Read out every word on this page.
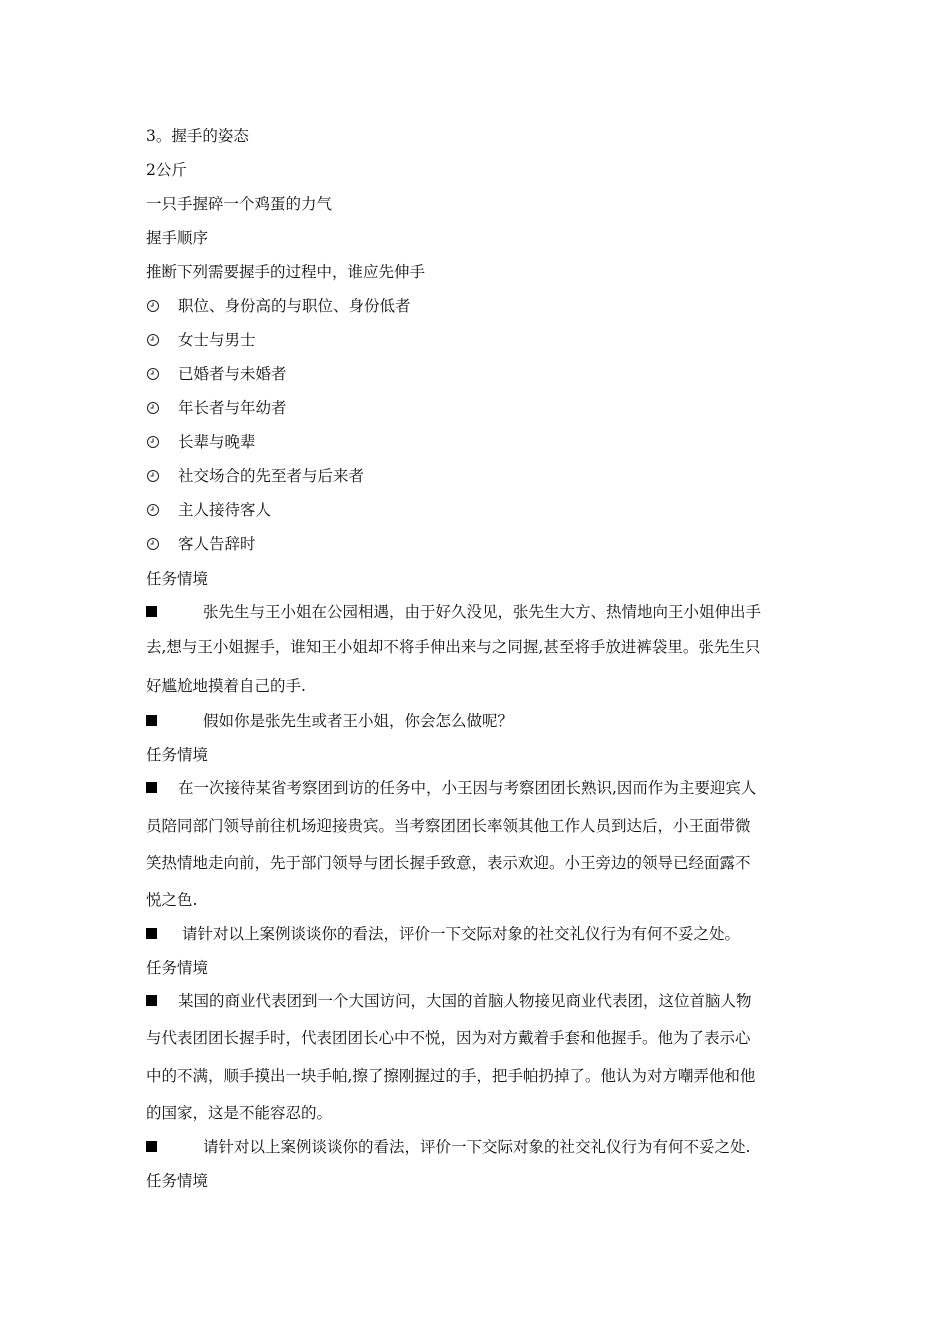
3。握手的姿态
2公斤
一只手握碎一个鸡蛋的力气
握手顺序
推断下列需要握手的过程中，谁应先伸手
职位、身份高的与职位、身份低者
女士与男士
已婚者与未婚者
年长者与年幼者
长辈与晚辈
社交场合的先至者与后来者
主人接待客人
客人告辞时
任务情境
张先生与王小姐在公园相遇，由于好久没见，张先生大方、热情地向王小姐伸出手
去,想与王小姐握手，谁知王小姐却不将手伸出来与之同握,甚至将手放进裤袋里。张先生只
好尴尬地摸着自己的手.
假如你是张先生或者王小姐，你会怎么做呢？
任务情境
在一次接待某省考察团到访的任务中，小王因与考察团团长熟识,因而作为主要迎宾人
员陪同部门领导前往机场迎接贵宾。当考察团团长率领其他工作人员到达后，小王面带微
笑热情地走向前，先于部门领导与团长握手致意，表示欢迎。小王旁边的领导已经面露不
悦之色.
请针对以上案例谈谈你的看法，评价一下交际对象的社交礼仪行为有何不妥之处。
任务情境
某国的商业代表团到一个大国访问，大国的首脑人物接见商业代表团，这位首脑人物
与代表团团长握手时，代表团团长心中不悦，因为对方戴着手套和他握手。他为了表示心
中的不满，顺手摸出一块手帕,擦了擦刚握过的手，把手帕扔掉了。他认为对方嘲弄他和他
的国家，这是不能容忍的。
请针对以上案例谈谈你的看法，评价一下交际对象的社交礼仪行为有何不妥之处.
任务情境
